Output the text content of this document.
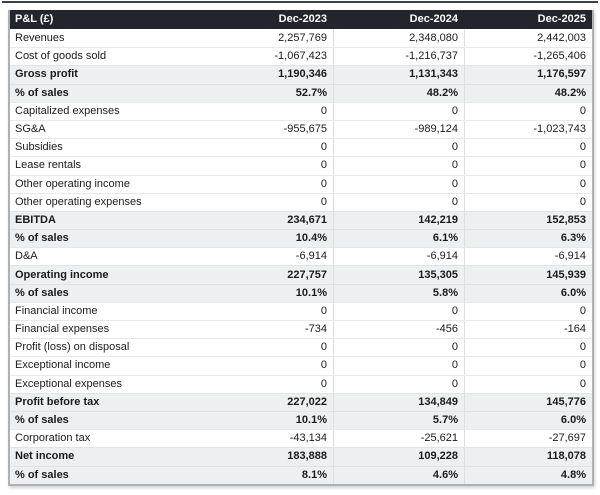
P&L (£)	Dec-2023	Dec-2024	Dec-2025
Revenues	2,257,769	2,348,080	2,442,003
Cost of goods sold	-1,067,423	-1,216,737	-1,265,406
Gross profit	1,190,346	1,131,343	1,176,597
% of sales	52.7%	48.2%	48.2%
Capitalized expenses	0	0	0
SG&A	-955,675	-989,124	-1,023,743
Subsidies	0	0	0
Lease rentals	0	0	0
Other operating income	0	0	0
Other operating expenses	0	0	0
EBITDA	234,671	142,219	152,853
% of sales	10.4%	6.1%	6.3%
D&A	-6,914	-6,914	-6,914
Operating income	227,757	135,305	145,939
% of sales	10.1%	5.8%	6.0%
Financial income	0	0	0
Financial expenses	-734	-456	-164
Profit (loss) on disposal	0	0	0
Exceptional income	0	0	0
Exceptional expenses	0	0	0
Profit before tax	227,022	134,849	145,776
% of sales	10.1%	5.7%	6.0%
Corporation tax	-43,134	-25,621	-27,697
Net income	183,888	109,228	118,078
% of sales	8.1%	4.6%	4.8%
